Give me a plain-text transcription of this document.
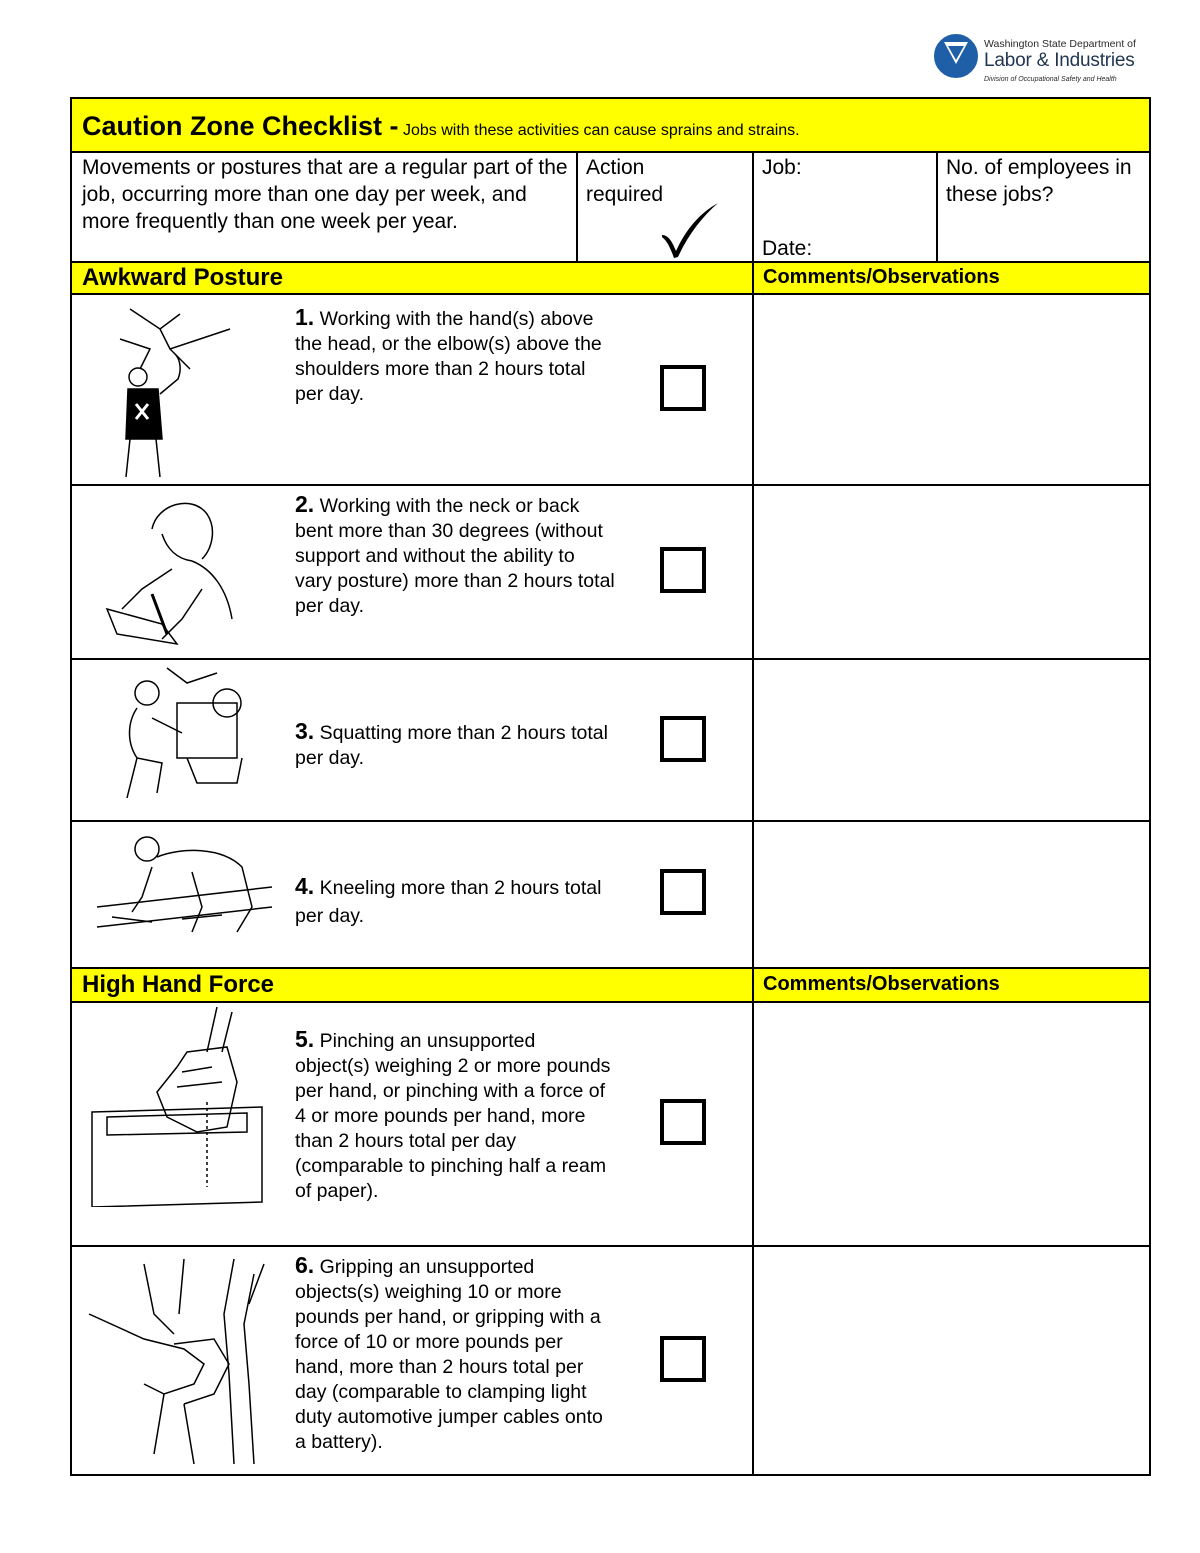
Washington State Department of
Labor & Industries
Division of Occupational Safety and Health
Caution Zone Checklist - Jobs with these activities can cause sprains and strains.
Movements or postures that are a regular part of the job, occurring more than one day per week, and more frequently than one week per year.
Action required
Job:
Date:
No. of employees in these jobs?
Awkward Posture	Comments/Observations
1. Working with the hand(s) above the head, or the elbow(s) above the shoulders more than 2 hours total per day.
2. Working with the neck or back bent more than 30 degrees (without support and without the ability to vary posture) more than 2 hours total per day.
3. Squatting more than 2 hours total per day.
4. Kneeling more than 2 hours total per day.
High Hand Force	Comments/Observations
5. Pinching an unsupported object(s) weighing 2 or more pounds per hand, or pinching with a force of 4 or more pounds per hand, more than 2 hours total per day (comparable to pinching half a ream of paper).
6. Gripping an unsupported objects(s) weighing 10 or more pounds per hand, or gripping with a force of 10 or more pounds per hand, more than 2 hours total per day (comparable to clamping light duty automotive jumper cables onto a battery).
